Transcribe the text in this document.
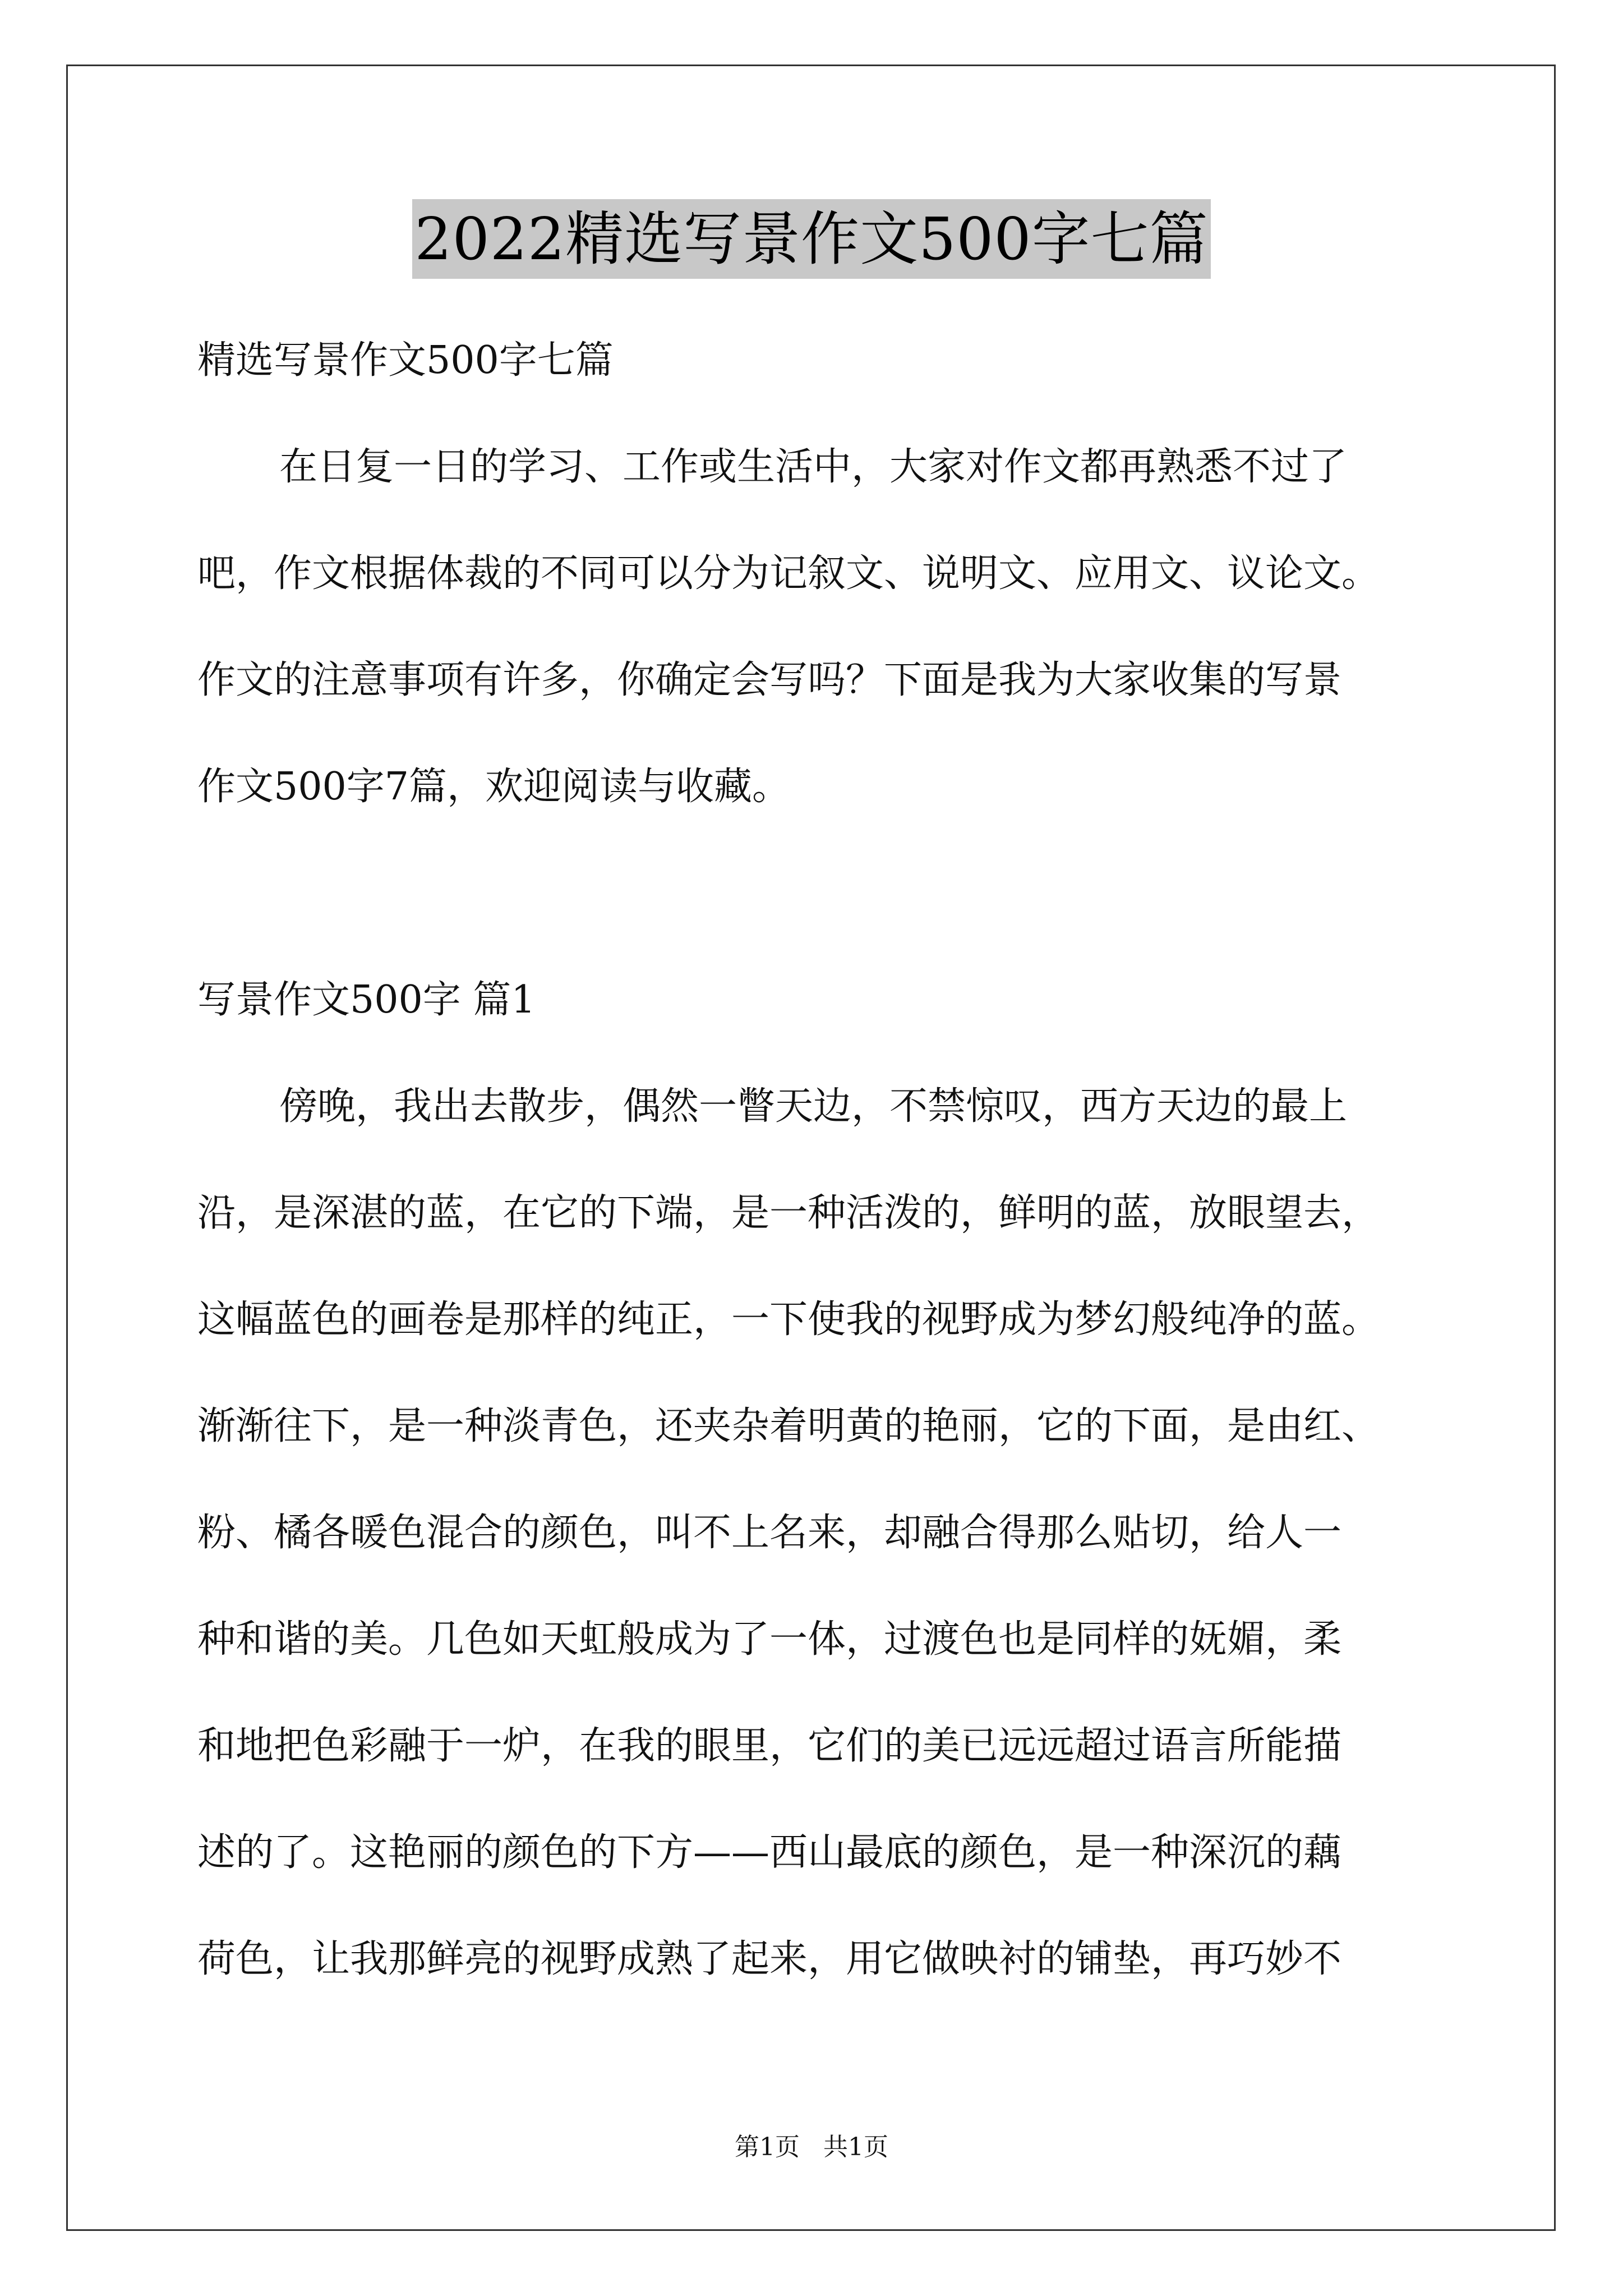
2022精选写景作文500字七篇

精选写景作文500字七篇

在日复一日的学习、工作或生活中，大家对作文都再熟悉不过了

吧，作文根据体裁的不同可以分为记叙文、说明文、应用文、议论文。

作文的注意事项有许多，你确定会写吗？下面是我为大家收集的写景

作文500字7篇，欢迎阅读与收藏。

写景作文500字 篇1

傍晚，我出去散步，偶然一瞥天边，不禁惊叹，西方天边的最上

沿，是深湛的蓝，在它的下端，是一种活泼的，鲜明的蓝，放眼望去，

这幅蓝色的画卷是那样的纯正，一下使我的视野成为梦幻般纯净的蓝。

渐渐往下，是一种淡青色，还夹杂着明黄的艳丽，它的下面，是由红、

粉、橘各暖色混合的颜色，叫不上名来，却融合得那么贴切，给人一

种和谐的美。几色如天虹般成为了一体，过渡色也是同样的妩媚，柔

和地把色彩融于一炉，在我的眼里，它们的美已远远超过语言所能描

述的了。这艳丽的颜色的下方——西山最底的颜色，是一种深沉的藕

荷色，让我那鲜亮的视野成熟了起来，用它做映衬的铺垫，再巧妙不

第1页   共1页
